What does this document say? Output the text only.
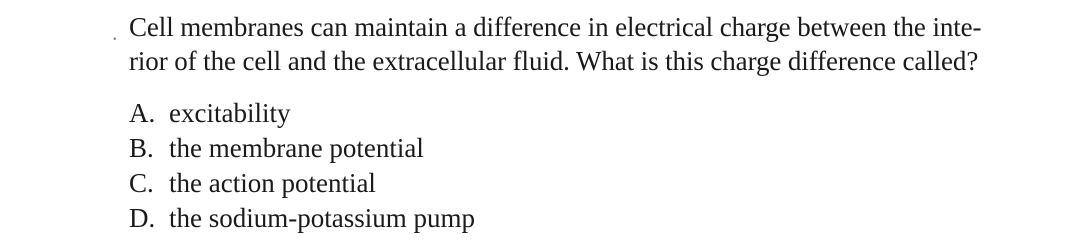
. Cell membranes can maintain a difference in electrical charge between the inte-
rior of the cell and the extracellular fluid. What is this charge difference called?
A. excitability
B. the membrane potential
C. the action potential
D. the sodium-potassium pump
